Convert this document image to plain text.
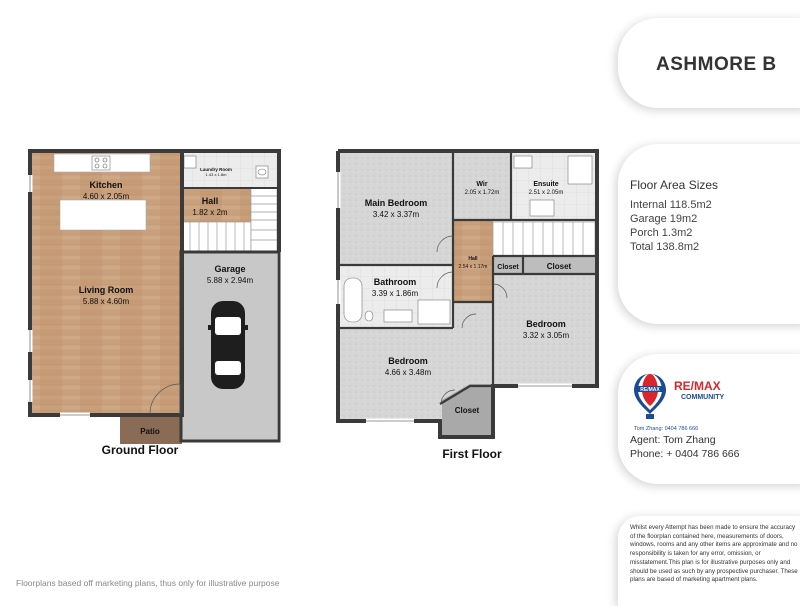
Kitchen
4.60 x 2.05m
Laundry Room
1.43 x 1.8m
Hall
1.82 x 2m
Garage
5.88 x 2.94m
Living Room
5.88 x 4.60m
Patio
Ground Floor
Main Bedroom
3.42 x 3.37m
Wir
2.05 x 1.72m
Ensuite
2.51 x 2.05m
Hall
2.54 x 1.17m Closet	Closet
Bathroom
3.39 x 1.86m
Bedroom
3.32 x 3.05m
Bedroom
4.66 x 3.48m
Closet
First Floor
ASHMORE B
Floor Area Sizes
Internal 118.5m2
Garage 19m2
Porch 1.3m2
Total 138.8m2
RE/MAX RE/MAX
COMMUNITY
Tom Zhang: 0404 786 666
Agent: Tom Zhang
Phone: + 0404 786 666
Whilst every Attempt has been made to ensure the accuracy of the floorplan contained here, measurements of doors, windows, rooms and any other items are approximate and no responsibility is taken for any error, omission, or misstatement.This plan is for illustrative purposes only and should be used as such by any prospective purchaser. These plans are based of marketing apartment plans.
Floorplans based off marketing plans, thus only for illustrative purpose
